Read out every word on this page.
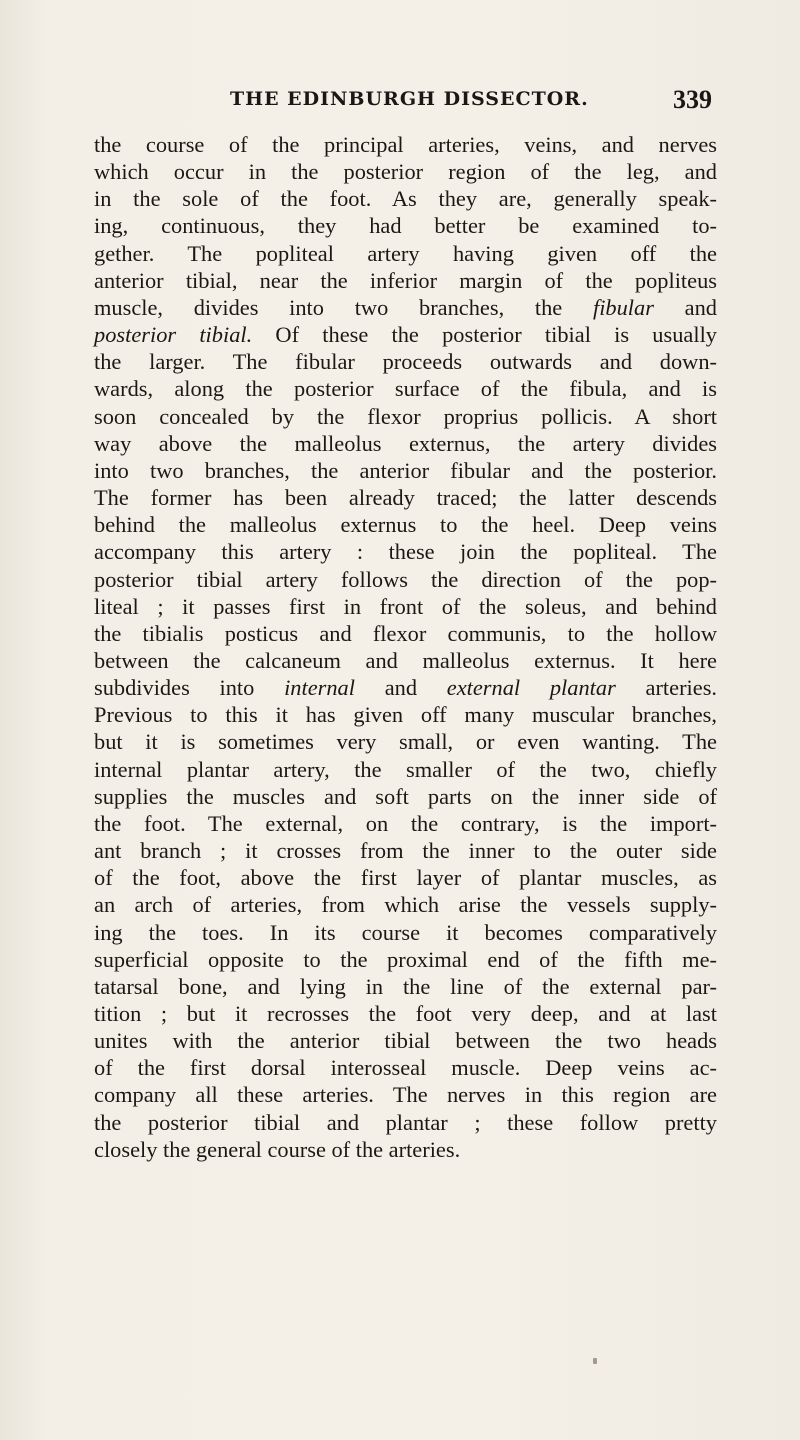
THE EDINBURGH DISSECTOR.	339
the course of the principal arteries, veins, and nerves
which occur in the posterior region of the leg, and
in the sole of the foot. As they are, generally speak-
ing, continuous, they had better be examined to-
gether. The popliteal artery having given off the
anterior tibial, near the inferior margin of the popliteus
muscle, divides into two branches, the fibular and
posterior tibial. Of these the posterior tibial is usually
the larger. The fibular proceeds outwards and down-
wards, along the posterior surface of the fibula, and is
soon concealed by the flexor proprius pollicis. A short
way above the malleolus externus, the artery divides
into two branches, the anterior fibular and the posterior.
The former has been already traced; the latter descends
behind the malleolus externus to the heel. Deep veins
accompany this artery : these join the popliteal. The
posterior tibial artery follows the direction of the pop-
liteal ; it passes first in front of the soleus, and behind
the tibialis posticus and flexor communis, to the hollow
between the calcaneum and malleolus externus. It here
subdivides into internal and external plantar arteries.
Previous to this it has given off many muscular branches,
but it is sometimes very small, or even wanting. The
internal plantar artery, the smaller of the two, chiefly
supplies the muscles and soft parts on the inner side of
the foot. The external, on the contrary, is the import-
ant branch ; it crosses from the inner to the outer side
of the foot, above the first layer of plantar muscles, as
an arch of arteries, from which arise the vessels supply-
ing the toes. In its course it becomes comparatively
superficial opposite to the proximal end of the fifth me-
tatarsal bone, and lying in the line of the external par-
tition ; but it recrosses the foot very deep, and at last
unites with the anterior tibial between the two heads
of the first dorsal interosseal muscle. Deep veins ac-
company all these arteries. The nerves in this region are
the posterior tibial and plantar ; these follow pretty
closely the general course of the arteries.
